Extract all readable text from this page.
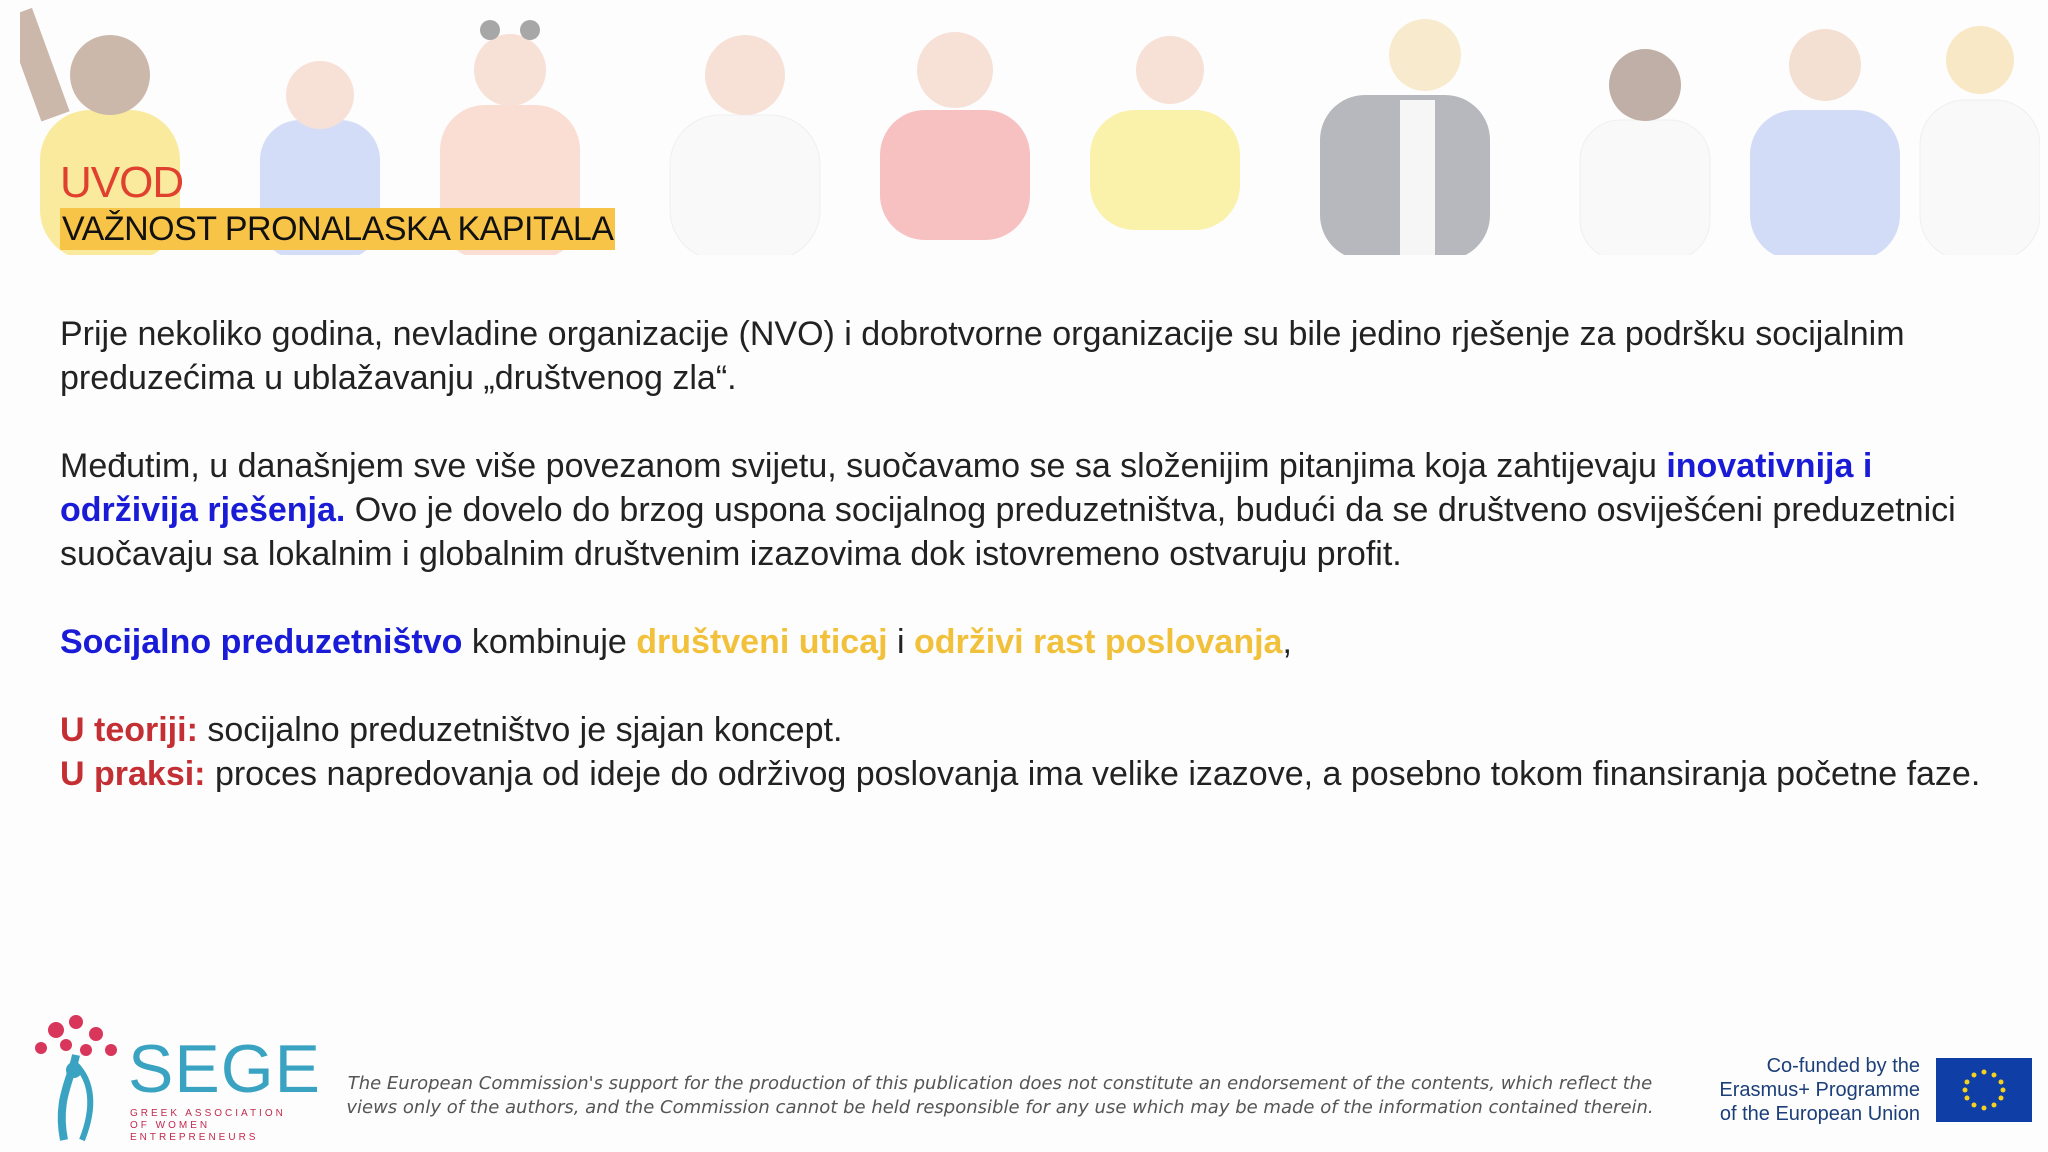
UVOD
VAŽNOST PRONALASKA KAPITALA

Prije nekoliko godina, nevladine organizacije (NVO) i dobrotvorne organizacije su bile jedino rješenje za podršku socijalnim preduzećima u ublažavanju „društvenog zla“.

Međutim, u današnjem sve više povezanom svijetu, suočavamo se sa složenijim pitanjima koja zahtijevaju inovativnija i održivija rješenja. Ovo je dovelo do brzog uspona socijalnog preduzetništva, budući da se društveno osviješćeni preduzetnici suočavaju sa lokalnim i globalnim društvenim izazovima dok istovremeno ostvaruju profit.

Socijalno preduzetništvo kombinuje društveni uticaj i održivi rast poslovanja,

U teoriji: socijalno preduzetništvo je sjajan koncept.

U praksi: proces napredovanja od ideje do održivog poslovanja ima velike izazove, a posebno tokom finansiranja početne faze.

SEGE
GREEK ASSOCIATION OF WOMEN ENTREPRENEURS
The European Commission's support for the production of this publication does not constitute an endorsement of the contents, which reflect the views only of the authors, and the Commission cannot be held responsible for any use which may be made of the information contained therein.
Co-funded by the Erasmus+ Programme of the European Union
